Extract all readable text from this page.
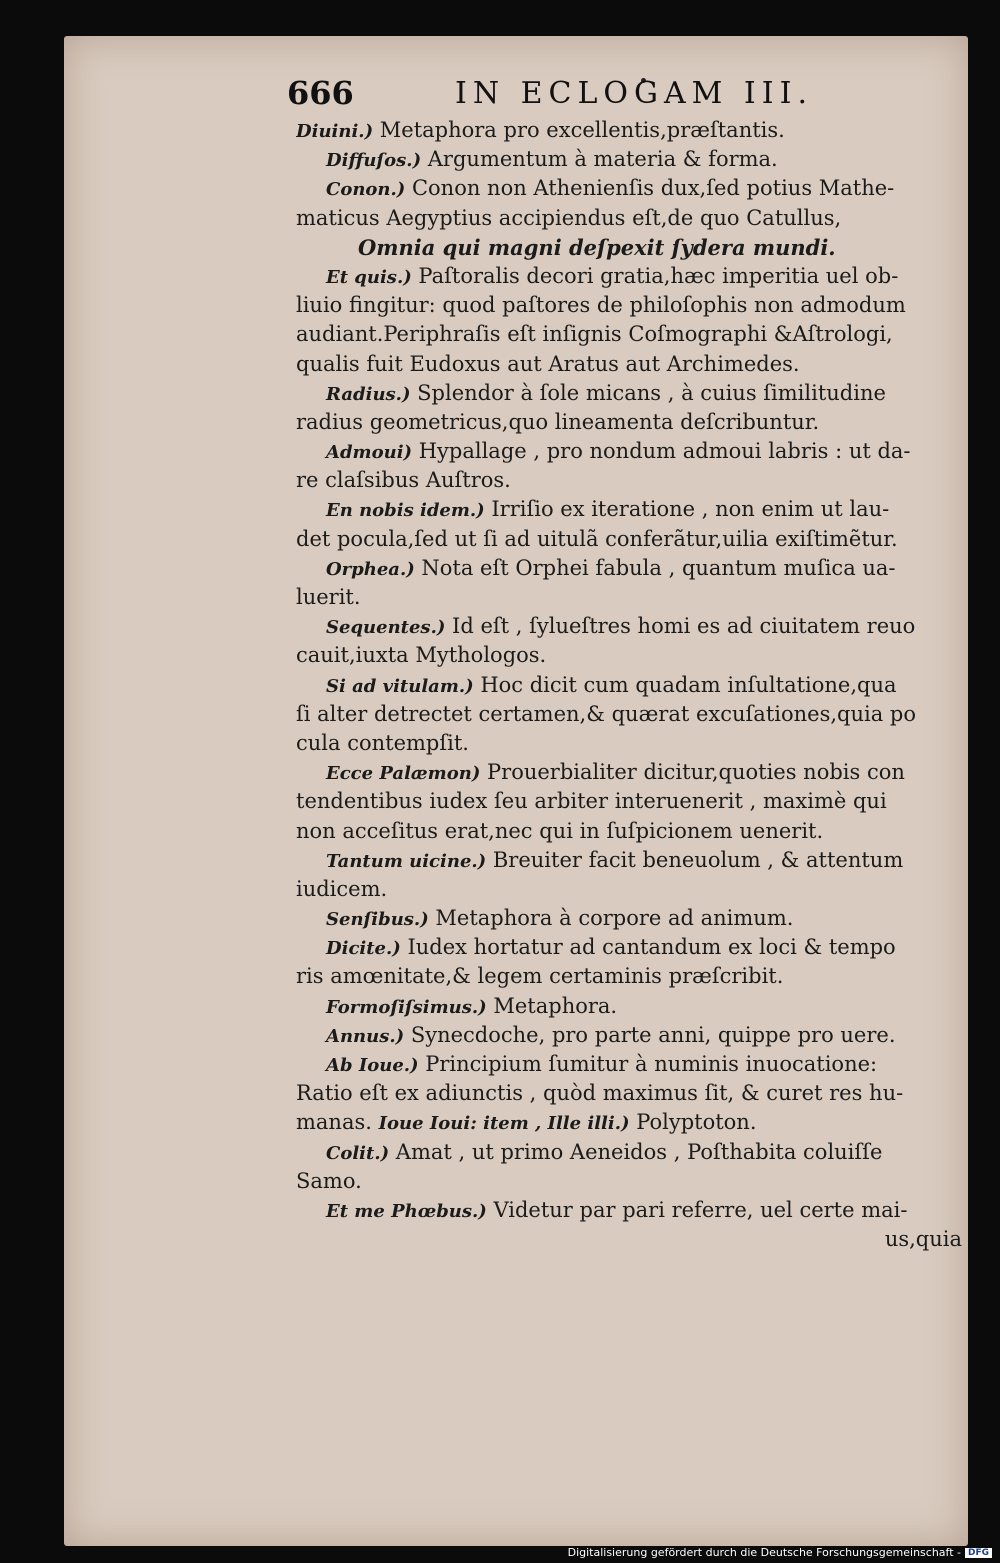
666	IN ECLOGAM III.
Diuini.) Metaphora pro excellentis,præſtantis.
Diffuſos.) Argumentum à materia & forma.
Conon.) Conon non Athenienſis dux,ſed potius Mathe-
maticus Aegyptius accipiendus eſt,de quo Catullus,
Omnia qui magni deſpexit ſydera mundi.
Et quis.) Paſtoralis decori gratia,hæc imperitia uel ob-
liuio fingitur: quod paſtores de philoſophis non admodum
audiant.Periphraſis eſt inſignis Coſmographi &Aſtrologi,
qualis fuit Eudoxus aut Aratus aut Archimedes.
Radius.) Splendor à ſole micans , à cuius ſimilitudine
radius geometricus,quo lineamenta deſcribuntur.
Admoui) Hypallage , pro nondum admoui labris : ut da-
re claſsibus Auſtros.
En nobis idem.) Irriſio ex iteratione , non enim ut lau-
det pocula,ſed ut ſi ad uitulã conferãtur,uilia exiſtimẽtur.
Orphea.) Nota eſt Orphei fabula , quantum muſica ua-
luerit.
Sequentes.) Id eſt , ſylueſtres homi es ad ciuitatem reuo
cauit,iuxta Mythologos.
Si ad vitulam.) Hoc dicit cum quadam inſultatione,qua
ſi alter detrectet certamen,& quærat excuſationes,quia po
cula contempſit.
Ecce Palæmon) Prouerbialiter dicitur,quoties nobis con
tendentibus iudex ſeu arbiter interuenerit , maximè qui
non acceſitus erat,nec qui in ſuſpicionem uenerit.
Tantum uicine.) Breuiter facit beneuolum , & attentum
iudicem.
Senſibus.) Metaphora à corpore ad animum.
Dicite.) Iudex hortatur ad cantandum ex loci & tempo
ris amœnitate,& legem certaminis præſcribit.
Formoſiſsimus.) Metaphora.
Annus.) Synecdoche, pro parte anni, quippe pro uere.
Ab Ioue.) Principium ſumitur à numinis inuocatione:
Ratio eſt ex adiunctis , quòd maximus ſit, & curet res hu-
manas. Ioue Ioui: item , Ille illi.) Polyptoton.
Colit.) Amat , ut primo Aeneidos , Poſthabita coluiſſe
Samo.
Et me Phœbus.) Videtur par pari referre, uel certe mai-
us,quia
Digitalisierung gefördert durch die Deutsche Forschungsgemeinschaft - DFG
